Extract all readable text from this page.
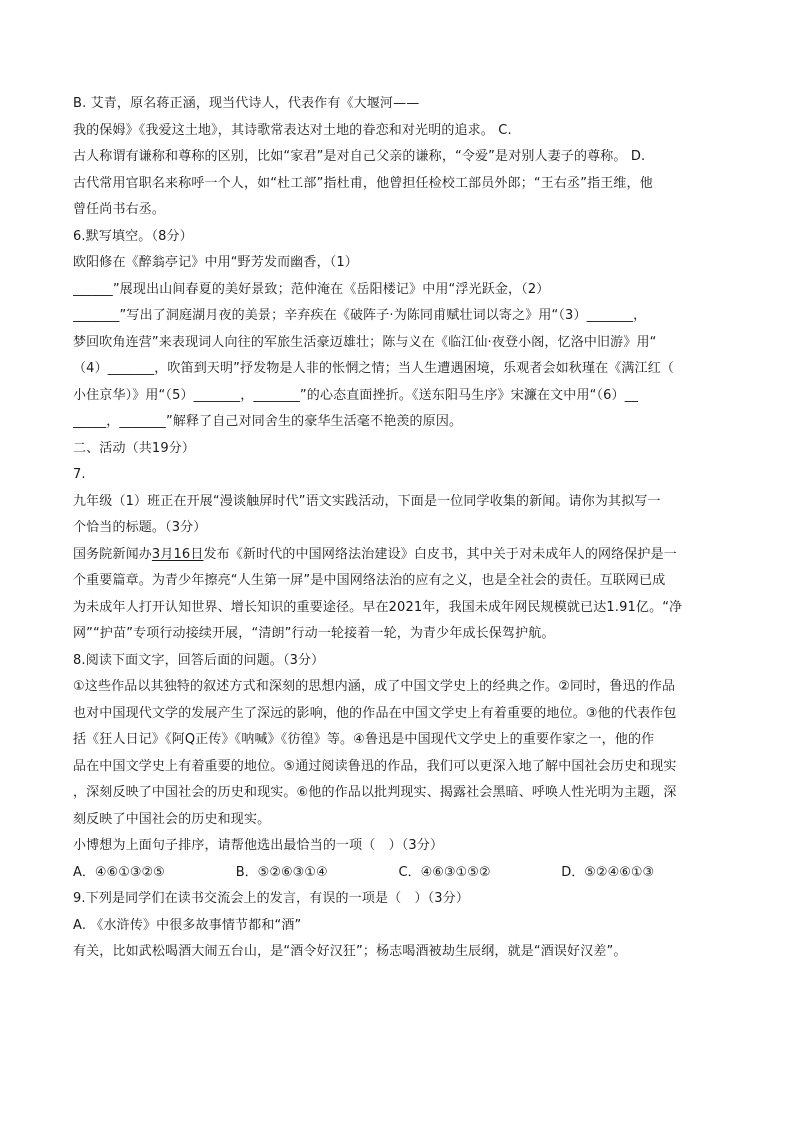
B. 艾青，原名蒋正涵，现当代诗人，代表作有《大堰河——
我的保姆》《我爱这土地》，其诗歌常表达对土地的眷恋和对光明的追求。 C.
古人称谓有谦称和尊称的区别，比如“家君”是对自己父亲的谦称，“令爱”是对别人妻子的尊称。 D.
古代常用官职名来称呼一个人，如“杜工部”指杜甫，他曾担任检校工部员外郎；“王右丞”指王维，他
曾任尚书右丞。
6.默写填空。（8分）
欧阳修在《醉翁亭记》中用“野芳发而幽香，（1）
______”展现出山间春夏的美好景致；范仲淹在《岳阳楼记》中用“浮光跃金，（2）
_______”写出了洞庭湖月夜的美景；辛弃疾在《破阵子·为陈同甫赋壮词以寄之》用“（3）_______，
梦回吹角连营”来表现词人向往的军旅生活豪迈雄壮；陈与义在《临江仙·夜登小阁，忆洛中旧游》用“
（4）_______，吹笛到天明”抒发物是人非的怅惘之情；当人生遭遇困境，乐观者会如秋瑾在《满江红（
小住京华）》用“（5）_______，_______”的心态直面挫折。《送东阳马生序》宋濂在文中用“（6）__
_____，_______”解释了自己对同舍生的豪华生活毫不艳羡的原因。
二、活动（共19分）
7.
九年级（1）班正在开展“漫谈触屏时代”语文实践活动，下面是一位同学收集的新闻。请你为其拟写一
个恰当的标题。（3分）
国务院新闻办3月16日发布《新时代的中国网络法治建设》白皮书，其中关于对未成年人的网络保护是一
个重要篇章。为青少年擦亮“人生第一屏”是中国网络法治的应有之义，也是全社会的责任。互联网已成
为未成年人打开认知世界、增长知识的重要途径。早在2021年，我国未成年网民规模就已达1.91亿。“净
网”“护苗”专项行动接续开展，“清朗”行动一轮接着一轮，为青少年成长保驾护航。
8.阅读下面文字，回答后面的问题。（3分）
①这些作品以其独特的叙述方式和深刻的思想内涵，成了中国文学史上的经典之作。②同时，鲁迅的作品
也对中国现代文学的发展产生了深远的影响，他的作品在中国文学史上有着重要的地位。③他的代表作包
括《狂人日记》《阿Q正传》《呐喊》《彷徨》等。④鲁迅是中国现代文学史上的重要作家之一，他的作
品在中国文学史上有着重要的地位。⑤通过阅读鲁迅的作品，我们可以更深入地了解中国社会历史和现实
，深刻反映了中国社会的历史和现实。⑥他的作品以批判现实、揭露社会黑暗、呼唤人性光明为主题，深
刻反映了中国社会的历史和现实。
小博想为上面句子排序，请帮他选出最恰当的一项（　）（3分）
A．④⑥①③②⑤	B．⑤②⑥③①④	C．④⑥③①⑤②	D．⑤②④⑥①③
9.下列是同学们在读书交流会上的发言，有误的一项是（　）（3分）
A. 《水浒传》中很多故事情节都和“酒”
有关，比如武松喝酒大闹五台山，是“酒令好汉狂”；杨志喝酒被劫生辰纲，就是“酒误好汉差”。
